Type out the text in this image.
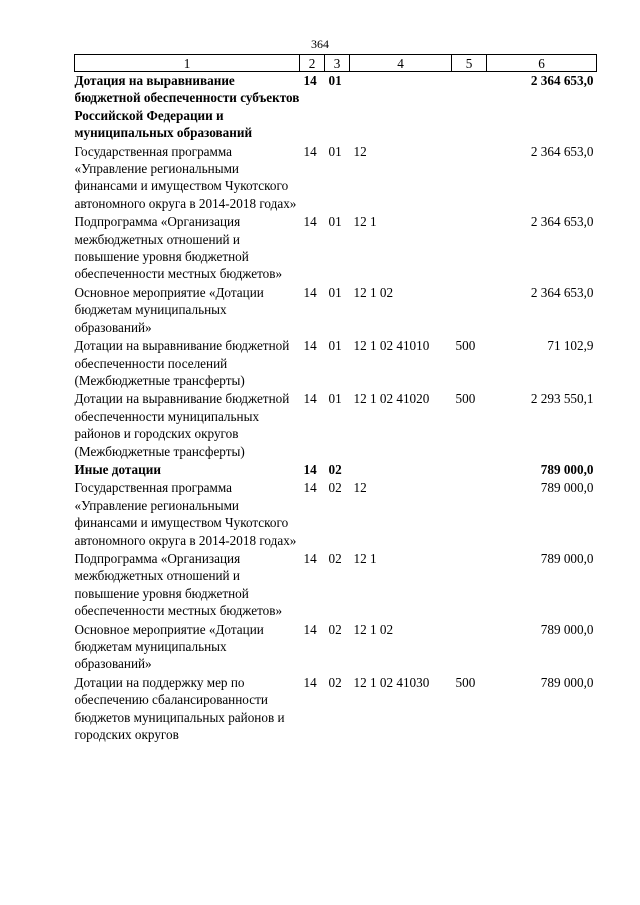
364
1	2	3	4	5	6
Дотация на выравнивание бюджетной обеспеченности субъектов Российской Федерации и муниципальных образований	14	01			2 364 653,0
Государственная программа «Управление региональными финансами и имуществом Чукотского автономного округа в 2014-2018 годах»	14	01	12		2 364 653,0
Подпрограмма «Организация межбюджетных отношений и повышение уровня бюджетной обеспеченности местных бюджетов»	14	01	12 1		2 364 653,0
Основное мероприятие «Дотации бюджетам муниципальных образований»	14	01	12 1 02		2 364 653,0
Дотации на выравнивание бюджетной обеспеченности поселений (Межбюджетные трансферты)	14	01	12 1 02 41010	500	71 102,9
Дотации на выравнивание бюджетной обеспеченности муниципальных районов и городских округов (Межбюджетные трансферты)	14	01	12 1 02 41020	500	2 293 550,1
Иные дотации	14	02			789 000,0
Государственная программа «Управление региональными финансами и имуществом Чукотского автономного округа в 2014-2018 годах»	14	02	12		789 000,0
Подпрограмма «Организация межбюджетных отношений и повышение уровня бюджетной обеспеченности местных бюджетов»	14	02	12 1		789 000,0
Основное мероприятие «Дотации бюджетам муниципальных образований»	14	02	12 1 02		789 000,0
Дотации на поддержку мер по обеспечению сбалансированности бюджетов муниципальных районов и городских округов	14	02	12 1 02 41030	500	789 000,0
